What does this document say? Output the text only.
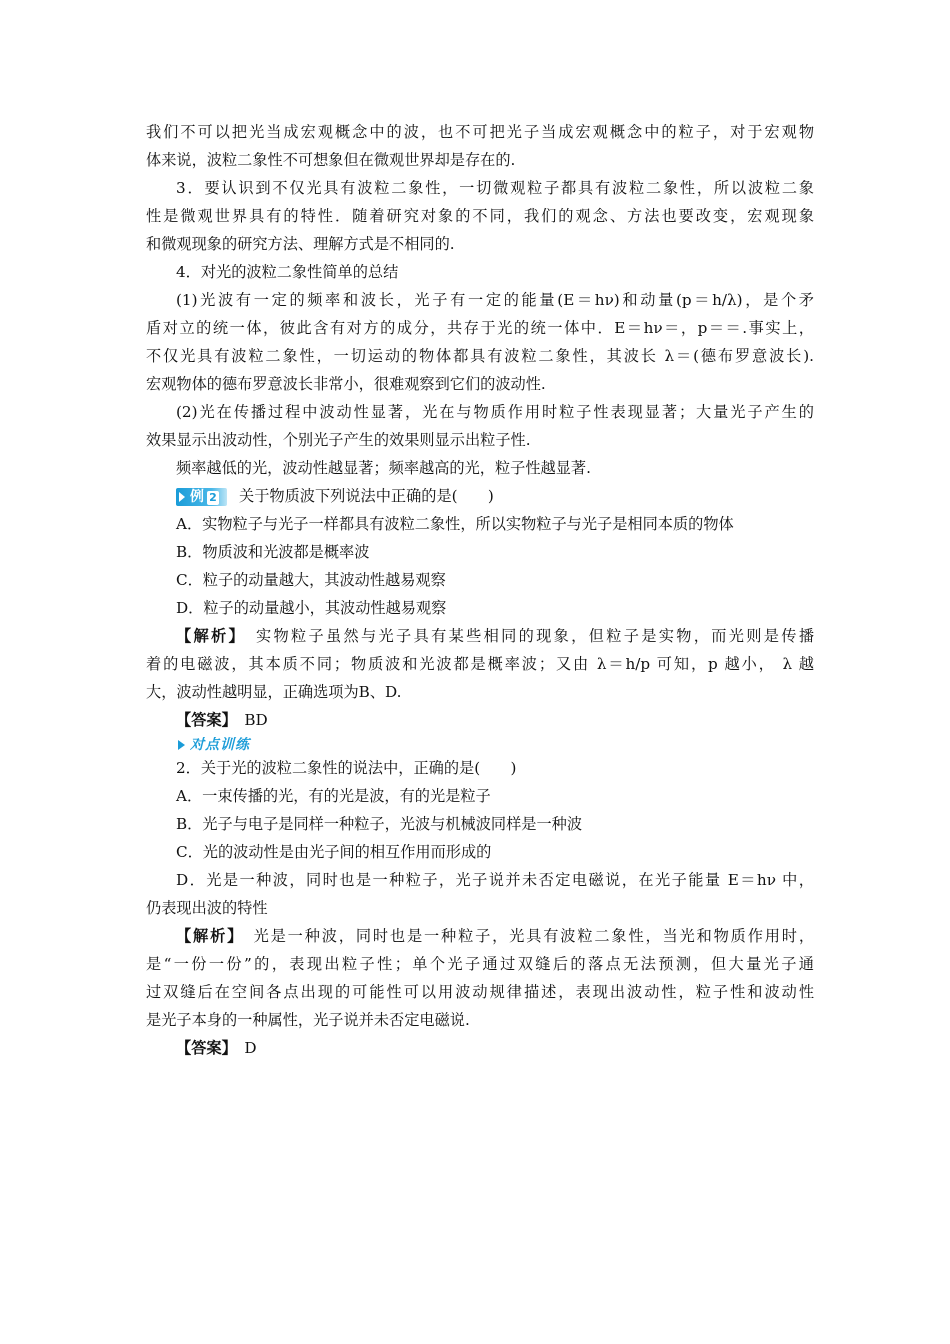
我们不可以把光当成宏观概念中的波，也不可把光子当成宏观概念中的粒子，对于宏观物
体来说，波粒二象性不可想象但在微观世界却是存在的.
3．要认识到不仅光具有波粒二象性，一切微观粒子都具有波粒二象性，所以波粒二象
性是微观世界具有的特性．随着研究对象的不同，我们的观念、方法也要改变，宏观现象
和微观现象的研究方法、理解方式是不相同的.
4．对光的波粒二象性简单的总结
(1)光波有一定的频率和波长，光子有一定的能量(E＝hν)和动量(p＝h/λ)，是个矛
盾对立的统一体，彼此含有对方的成分，共存于光的统一体中．E＝hν＝，p＝＝.事实上，
不仅光具有波粒二象性，一切运动的物体都具有波粒二象性，其波长 λ＝(德布罗意波长).
宏观物体的德布罗意波长非常小，很难观察到它们的波动性.
(2)光在传播过程中波动性显著，光在与物质作用时粒子性表现显著；大量光子产生的
效果显示出波动性，个别光子产生的效果则显示出粒子性.
频率越低的光，波动性越显著；频率越高的光，粒子性越显著.
例 2 关于物质波下列说法中正确的是(　　)
A．实物粒子与光子一样都具有波粒二象性，所以实物粒子与光子是相同本质的物体
B．物质波和光波都是概率波
C．粒子的动量越大，其波动性越易观察
D．粒子的动量越小，其波动性越易观察
【解析】　 实物粒子虽然与光子具有某些相同的现象，但粒子是实物，而光则是传播
着的电磁波，其本质不同；物质波和光波都是概率波；又由 λ＝h/p 可知，p 越小， λ 越
大，波动性越明显，正确选项为B、D.
【答案】　 BD
对点训练
2．关于光的波粒二象性的说法中，正确的是(　　)
A．一束传播的光，有的光是波，有的光是粒子
B．光子与电子是同样一种粒子，光波与机械波同样是一种波
C．光的波动性是由光子间的相互作用而形成的
D．光是一种波，同时也是一种粒子，光子说并未否定电磁说，在光子能量 E＝hν 中，
仍表现出波的特性
【解析】　 光是一种波，同时也是一种粒子，光具有波粒二象性，当光和物质作用时，
是“一份一份”的，表现出粒子性；单个光子通过双缝后的落点无法预测，但大量光子通
过双缝后在空间各点出现的可能性可以用波动规律描述，表现出波动性，粒子性和波动性
是光子本身的一种属性，光子说并未否定电磁说.
【答案】　 D
